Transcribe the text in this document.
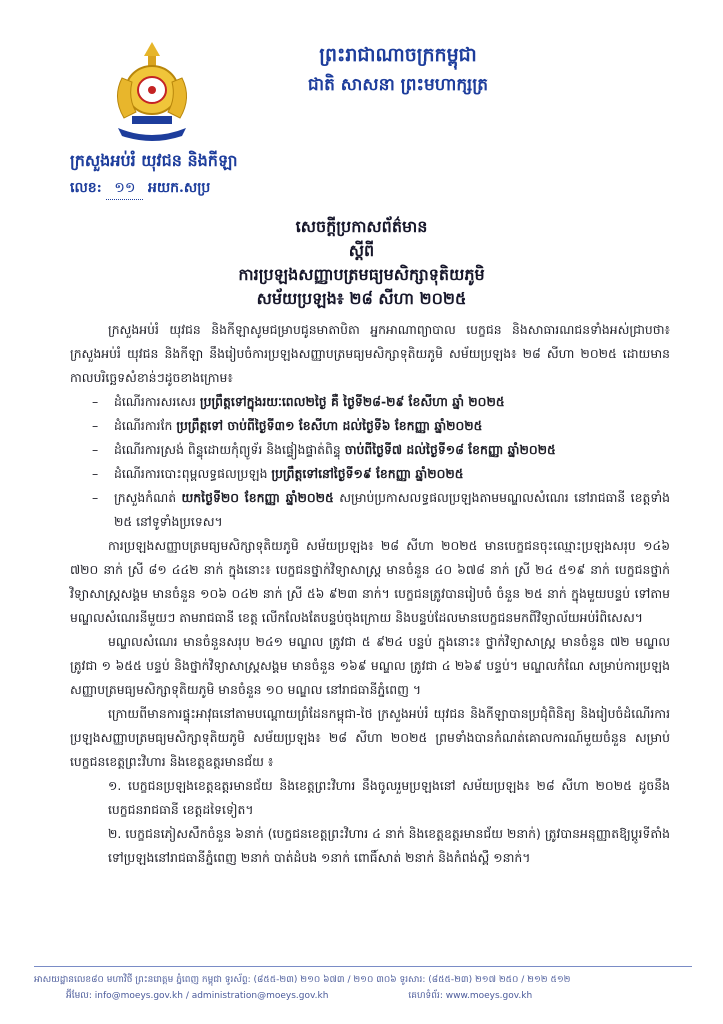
ព្រះរាជាណាចក្រកម្ពុជា
ជាតិ សាសនា ព្រះមហាក្សត្រ
ក្រសួងអប់រំ យុវជន និងកីឡា
លេខ: ១១ អយក.សប្រ
សេចក្តីប្រកាសព័ត៌មាន
ស្តីពី
ការប្រឡងសញ្ញាបត្រមធ្យមសិក្សាទុតិយភូមិ
សម័យប្រឡង៖ ២៨ សីហា ២០២៥

ក្រសួងអប់រំ យុវជន និងកីឡាសូមជម្រាបជូនមាតាបិតា អ្នកអាណាព្យាបាល បេក្ខជន និងសាធារណជនទាំងអស់ជ្រាបថា៖ ក្រសួងអប់រំ យុវជន និងកីឡា នឹងរៀបចំការប្រឡងសញ្ញាបត្រមធ្យមសិក្សាទុតិយភូមិ សម័យប្រឡង៖ ២៨ សីហា ២០២៥ ដោយមានកាលបរិច្ឆេទសំខាន់ៗដូចខាងក្រោម៖

– ដំណើរការសរសេរ ប្រព្រឹត្តទៅក្នុងរយៈពេល២ថ្ងៃ គឺ ថ្ងៃទី២៨-២៩ ខែសីហា ឆ្នាំ ២០២៥
– ដំណើរការកែ ប្រព្រឹត្តទៅ ចាប់ពីថ្ងៃទី៣១ ខែសីហា ដល់ថ្ងៃទី៦ ខែកញ្ញា ឆ្នាំ២០២៥
– ដំណើរការស្រង់ ពិន្ទុដោយកុំព្យូទ័រ និងផ្ទៀងផ្ទាត់ពិន្ទុ ចាប់ពីថ្ងៃទី៧ ដល់ថ្ងៃទី១៨ ខែកញ្ញា ឆ្នាំ២០២៥
– ដំណើរការបោះពុម្ពលទ្ធផលប្រឡង ប្រព្រឹត្តទៅនៅថ្ងៃទី១៩ ខែកញ្ញា ឆ្នាំ២០២៥
– ក្រសួងកំណត់ យកថ្ងៃទី២០ ខែកញ្ញា ឆ្នាំ២០២៥ សម្រាប់ប្រកាសលទ្ធផលប្រឡងតាមមណ្ឌលសំណេរ នៅរាជធានី ខេត្តទាំង ២៥ នៅទូទាំងប្រទេស។

ការប្រឡងសញ្ញាបត្រមធ្យមសិក្សាទុតិយភូមិ សម័យប្រឡង៖ ២៨ សីហា ២០២៥ មានបេក្ខជនចុះឈ្មោះប្រឡងសរុប ១៤៦ ៧២០ នាក់ ស្រី ៨១ ៤៤២ នាក់ ក្នុងនោះ៖ បេក្ខជនថ្នាក់វិទ្យាសាស្ត្រ មានចំនួន ៤០ ៦៧៨ នាក់ ស្រី ២៤ ៥១៩ នាក់ បេក្ខជនថ្នាក់វិទ្យាសាស្ត្រសង្គម មានចំនួន ១០៦ ០៤២ នាក់ ស្រី ៥៦ ៩២៣ នាក់។ បេក្ខជនត្រូវបានរៀបចំ ចំនួន ២៥ នាក់ ក្នុងមួយបន្ទប់ ទៅតាមមណ្ឌលសំណេរនីមួយៗ តាមរាជធានី ខេត្ត លើកលែងតែបន្ទប់ចុងក្រោយ និងបន្ទប់ដែលមានបេក្ខជនមកពីវិទ្យាល័យអប់រំពិសេស។

មណ្ឌលសំណេរ មានចំនួនសរុប ២៤១ មណ្ឌល ត្រូវជា ៥ ៩២៤ បន្ទប់ ក្នុងនោះ៖ ថ្នាក់វិទ្យាសាស្ត្រ មានចំនួន ៧២ មណ្ឌល ត្រូវជា ១ ៦៥៥ បន្ទប់ និងថ្នាក់វិទ្យាសាស្ត្រសង្គម មានចំនួន ១៦៩ មណ្ឌល ត្រូវជា ៤ ២៦៩ បន្ទប់។ មណ្ឌលកំណែ សម្រាប់ការប្រឡងសញ្ញាបត្រមធ្យមសិក្សាទុតិយភូមិ មានចំនួន ១០ មណ្ឌល នៅរាជធានីភ្នំពេញ ។

ក្រោយពីមានការផ្ទុះអាវុធនៅតាមបណ្ដោយព្រំដែនកម្ពុជា-ថៃ ក្រសួងអប់រំ យុវជន និងកីឡាបានប្រជុំពិនិត្យ និងរៀបចំដំណើរការប្រឡងសញ្ញាបត្រមធ្យមសិក្សាទុតិយភូមិ សម័យប្រឡង៖ ២៨ សីហា ២០២៥ ព្រមទាំងបានកំណត់គោលការណ៍មួយចំនួន សម្រាប់បេក្ខជនខេត្តព្រះវិហារ និងខេត្តឧត្តរមានជ័យ ៖

១. បេក្ខជនប្រឡងខេត្តឧត្តរមានជ័យ និងខេត្តព្រះវិហារ នឹងចូលរួមប្រឡងនៅ សម័យប្រឡង៖ ២៨ សីហា ២០២៥ ដូចនឹងបេក្ខជនរាជធានី ខេត្តដទៃទៀត។

២. បេក្ខជនភៀសសឹកចំនួន ៦នាក់ (បេក្ខជនខេត្តព្រះវិហារ ៤ នាក់ និងខេត្តឧត្តរមានជ័យ ២នាក់) ត្រូវបានអនុញ្ញាតឱ្យប្តូរទីតាំង ទៅប្រឡងនៅរាជធានីភ្នំពេញ ២នាក់ បាត់ដំបង ១នាក់ ពោធិ៍សាត់ ២នាក់ និងកំពង់ស្ពឺ ១នាក់។

អាសយដ្ឋានលេខ៨០ មហាវិថី ព្រះនរោត្តម ភ្នំពេញ កម្ពុជា ទូរស័ព្ទ: (៨៥៥-២៣) ២១០ ៦៧៣ / ២១០ ៣០៦ ទូរសារ: (៨៥៥-២៣) ២១៧ ២៥០ / ២១២ ៥១២
អ៊ីមែល: info@moeys.gov.kh / administration@moeys.gov.kh	គេហទំព័រ: www.moeys.gov.kh
